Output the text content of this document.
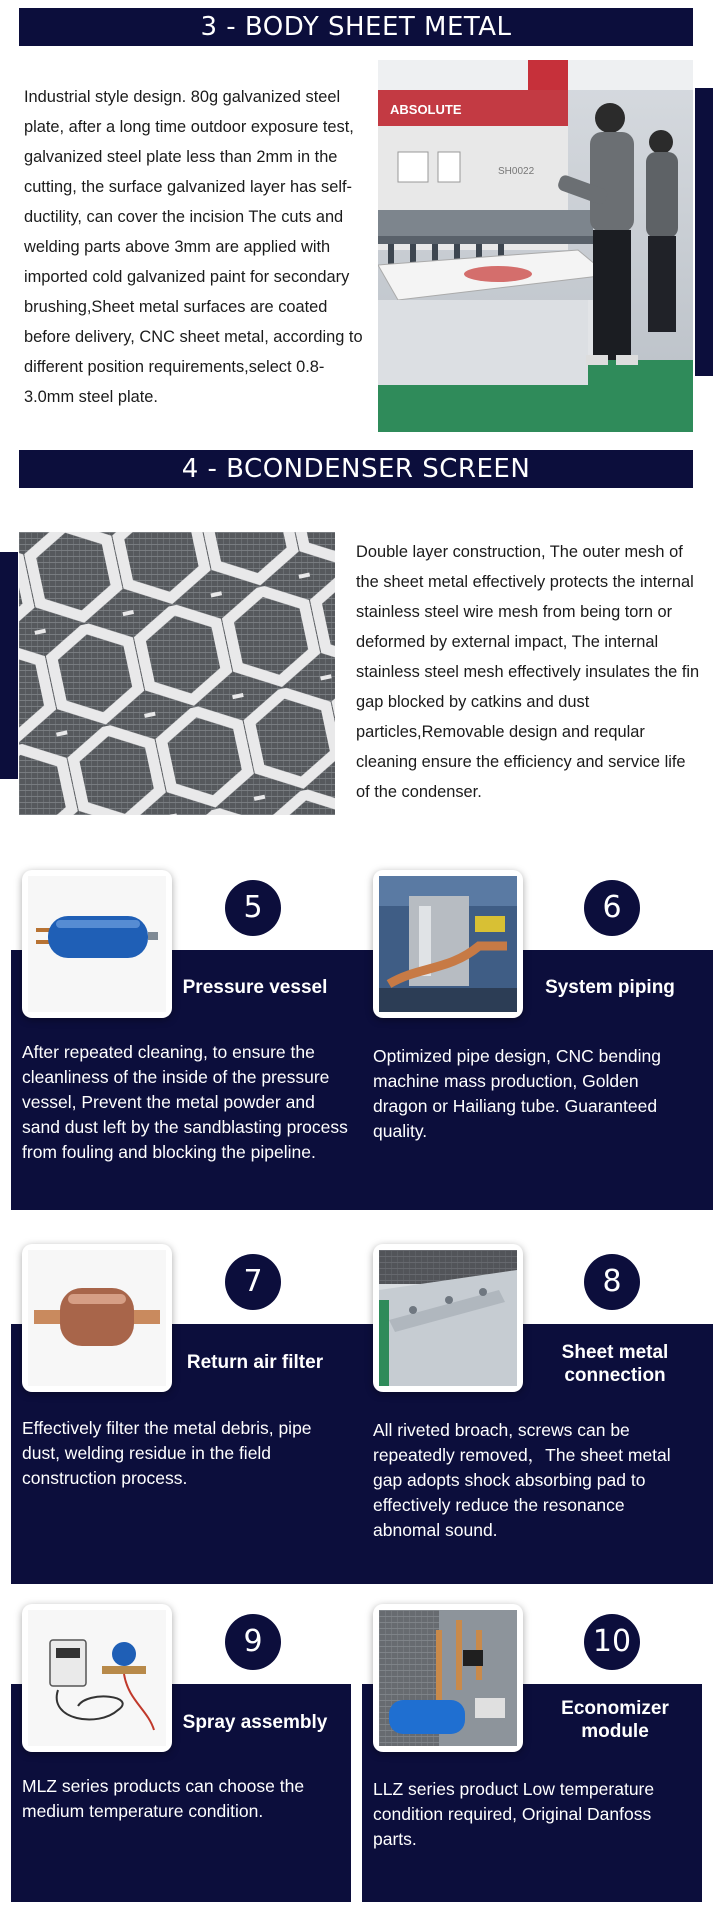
3 - BODY SHEET METAL
Industrial style design. 80g galvanized steel plate, after a long time outdoor exposure test, galvanized steel plate less than 2mm in the cutting, the surface galvanized layer has self-ductility, can cover the incision The cuts and welding parts above 3mm are applied with imported cold galvanized paint for secondary brushing,Sheet metal surfaces are coated before delivery, CNC sheet metal, according to different position requirements,select 0.8-3.0mm steel plate.
ABSOLUTE
SH0022
4 - BCONDENSER SCREEN
Double layer construction, The outer mesh of the sheet metal effectively protects the internal stainless steel wire mesh from being torn or deformed by external impact, The internal stainless steel mesh effectively insulates the fin gap blocked by catkins and dust particles,Removable design and reqular cleaning ensure the efficiency and service life of the condenser.
5
Pressure vessel
After repeated cleaning, to ensure the cleanliness of the inside of the pressure vessel, Prevent the metal powder and sand dust left by the sandblasting process from fouling and blocking the pipeline.
6
System piping
Optimized pipe design, CNC bending machine mass production, Golden dragon or Hailiang tube. Guaranteed quality.
7
Return air filter
Effectively filter the metal debris, pipe dust, welding residue in the field construction process.
8
Sheet metal connection
All riveted broach, screws can be repeatedly removed，The sheet metal gap adopts shock absorbing pad to effectively reduce the resonance abnomal sound.
9
Spray assembly
MLZ series products can choose the medium temperature condition.
10
Economizer module
LLZ series product Low temperature condition required, Original Danfoss parts.
